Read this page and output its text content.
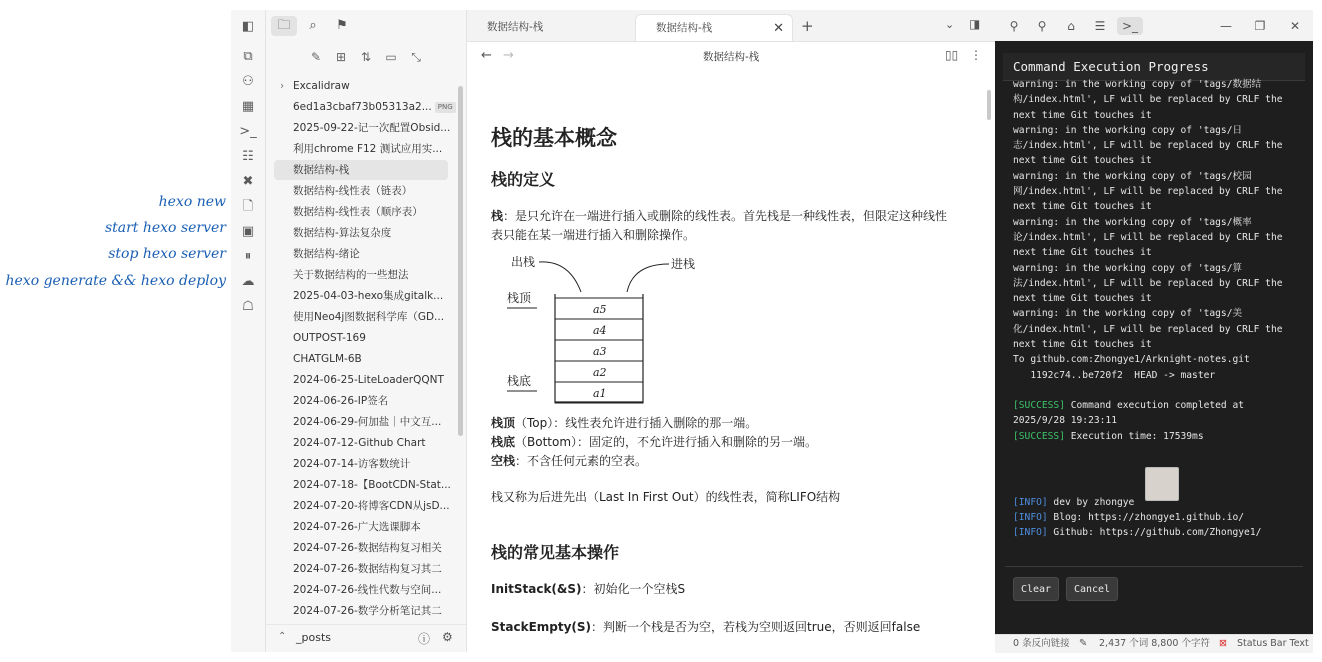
hexo new
start hexo server
stop hexo server
hexo generate && hexo deploy
◧
⧉
⚇
▦
>_
☷
✖
🗋
▣
⏸
☁
☖
🗀	⌕	⚑
✎	⊞	⇅	▭	⤡
› Excalidraw
6ed1a3cbaf73b05313a2... PNG
2025-09-22-记一次配置Obsid...
利用chrome F12 测试应用实...
数据结构-栈
数据结构-线性表（链表）
数据结构-线性表（顺序表）
数据结构-算法复杂度
数据结构-绪论
关于数据结构的一些想法
2025-04-03-hexo集成gitalk...
使用Neo4j图数据科学库（GD...
OUTPOST-169
CHATGLM-6B
2024-06-25-LiteLoaderQQNT
2024-06-26-IP签名
2024-06-29-何加盐｜中文互...
2024-07-12-Github Chart
2024-07-14-访客数统计
2024-07-18-【BootCDN-Stat...
2024-07-20-将博客CDN从jsD...
2024-07-26-广大选课脚本
2024-07-26-数据结构复习相关
2024-07-26-数据结构复习其二
2024-07-26-线性代数与空间...
2024-07-26-数学分析笔记其二
⌃ _posts	ⓘ ⚙
数据结构-栈	数据结构-栈	✕ +	⌄ ◨
← →	数据结构-栈	▯▯ ⋮
栈的基本概念
栈的定义
栈：是只允许在一端进行插入或删除的线性表。首先栈是一种线性表，但限定这种线性表只能在某一端进行插入和删除操作。
出栈	进栈
栈顶
栈底
a5
a4
a3
a2
a1
栈顶（Top）：线性表允许进行插入删除的那一端。
栈底（Bottom）：固定的，不允许进行插入和删除的另一端。
空栈：不含任何元素的空表。
栈又称为后进先出（Last In First Out）的线性表，简称LIFO结构
栈的常见基本操作
InitStack(&S)：初始化一个空栈S
StackEmpty(S)：判断一个栈是否为空，若栈为空则返回true，否则返回false
⚲	⚲	⌂	☰	>_	—	❐	✕
Command Execution Progress
warning: in the working copy of 'tags/数据结构/index.html', LF will be replaced by CRLF the next time Git touches it
warning: in the working copy of 'tags/日志/index.html', LF will be replaced by CRLF the next time Git touches it
warning: in the working copy of 'tags/校园网/index.html', LF will be replaced by CRLF the next time Git touches it
warning: in the working copy of 'tags/概率论/index.html', LF will be replaced by CRLF the next time Git touches it
warning: in the working copy of 'tags/算法/index.html', LF will be replaced by CRLF the next time Git touches it
warning: in the working copy of 'tags/美化/index.html', LF will be replaced by CRLF the next time Git touches it
To github.com:Zhongye1/Arknight-notes.git
1192c74..be720f2  HEAD -> master
[SUCCESS] Command execution completed at 2025/9/28 19:23:11
[SUCCESS] Execution time: 17539ms
[INFO] dev by zhongye
[INFO] Blog: https://zhongye1.github.io/
[INFO] Github: https://github.com/Zhongye1/
Clear	Cancel
0 条反向链接 ✎ 2,437 个词 8,800 个字符 ⊠ Status Bar Text
